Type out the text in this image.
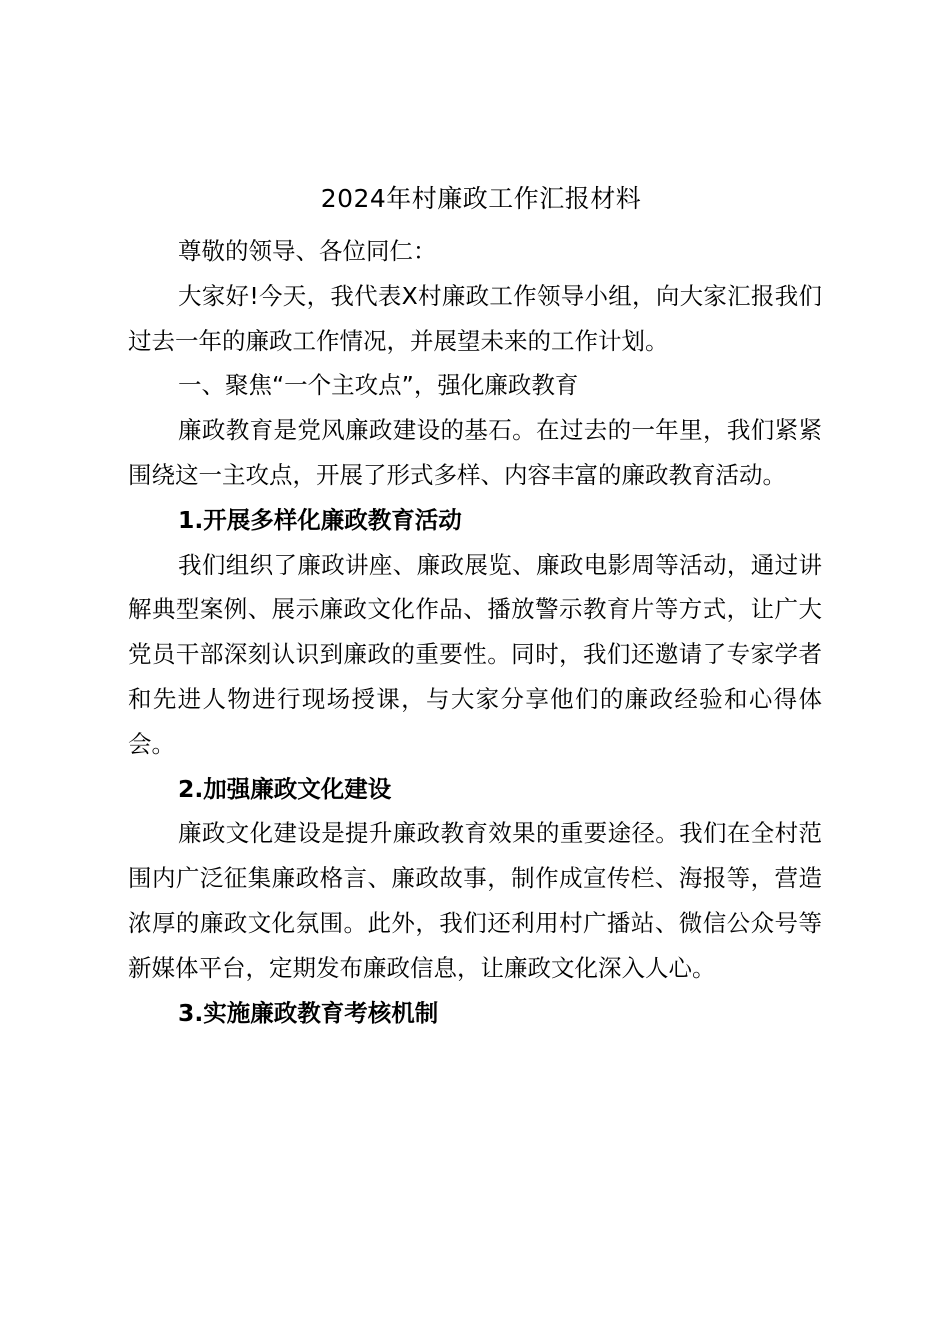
2024年村廉政工作汇报材料

尊敬的领导、各位同仁：

大家好!今天，我代表X村廉政工作领导小组，向大家汇报我们过去一年的廉政工作情况，并展望未来的工作计划。

一、聚焦“一个主攻点”，强化廉政教育

廉政教育是党风廉政建设的基石。在过去的一年里，我们紧紧围绕这一主攻点，开展了形式多样、内容丰富的廉政教育活动。

1.开展多样化廉政教育活动

我们组织了廉政讲座、廉政展览、廉政电影周等活动，通过讲解典型案例、展示廉政文化作品、播放警示教育片等方式，让广大党员干部深刻认识到廉政的重要性。同时，我们还邀请了专家学者和先进人物进行现场授课，与大家分享他们的廉政经验和心得体会。

2.加强廉政文化建设

廉政文化建设是提升廉政教育效果的重要途径。我们在全村范围内广泛征集廉政格言、廉政故事，制作成宣传栏、海报等，营造浓厚的廉政文化氛围。此外，我们还利用村广播站、微信公众号等新媒体平台，定期发布廉政信息，让廉政文化深入人心。

3.实施廉政教育考核机制
